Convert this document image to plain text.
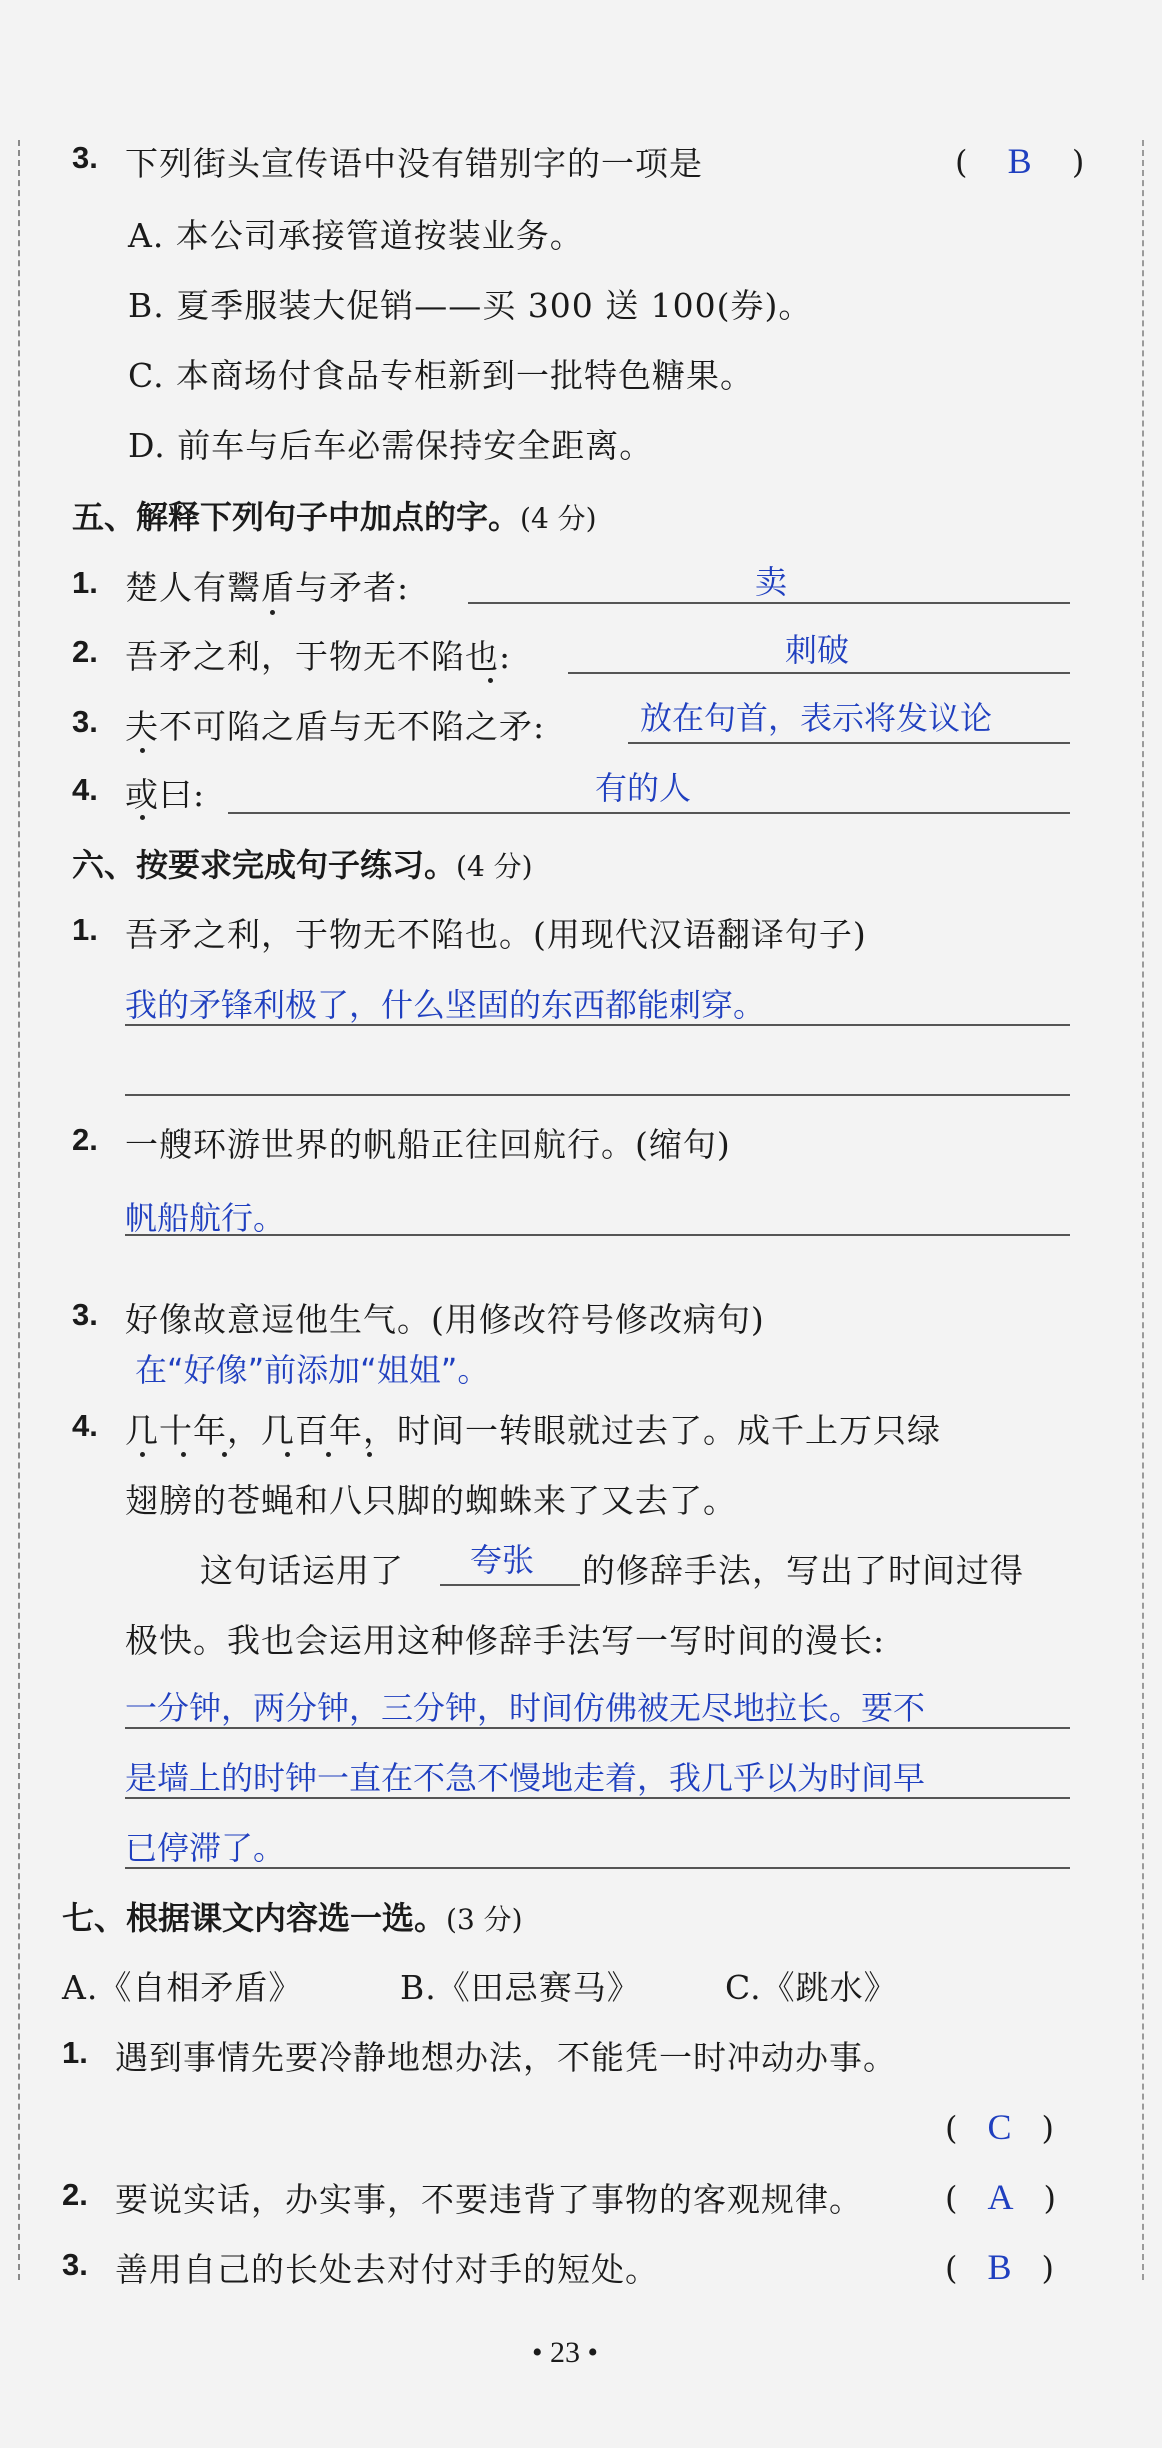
3. 下列街头宣传语中没有错别字的一项是	( B )
A. 本公司承接管道按装业务。
B. 夏季服装大促销——买 300 送 100(券)。
C. 本商场付食品专柜新到一批特色糖果。
D. 前车与后车必需保持安全距离。
五、解释下列句子中加点的字。(4 分)
1. 楚人有鬻盾与矛者:	卖
2. 吾矛之利，于物无不陷也:	刺破
3. 夫不可陷之盾与无不陷之矛:	放在句首，表示将发议论
4. 或曰:	有的人
六、按要求完成句子练习。(4 分)
1. 吾矛之利，于物无不陷也。(用现代汉语翻译句子)
我的矛锋利极了，什么坚固的东西都能刺穿。
2. 一艘环游世界的帆船正往回航行。(缩句)
帆船航行。
3. 好像故意逗他生气。(用修改符号修改病句)
在“好像”前添加“姐姐”。
4. 几十年，几百年，时间一转眼就过去了。成千上万只绿
翅膀的苍蝇和八只脚的蜘蛛来了又去了。
这句话运用了 夸张 的修辞手法，写出了时间过得
极快。我也会运用这种修辞手法写一写时间的漫长:
一分钟，两分钟，三分钟，时间仿佛被无尽地拉长。要不
是墙上的时钟一直在不急不慢地走着，我几乎以为时间早
已停滞了。
七、根据课文内容选一选。(3 分)
A.《自相矛盾》	B.《田忌赛马》	C.《跳水》
1. 遇到事情先要冷静地想办法，不能凭一时冲动办事。
( C )
2. 要说实话，办实事，不要违背了事物的客观规律。	( A )
3. 善用自己的长处去对付对手的短处。	( B )
• 23 •
